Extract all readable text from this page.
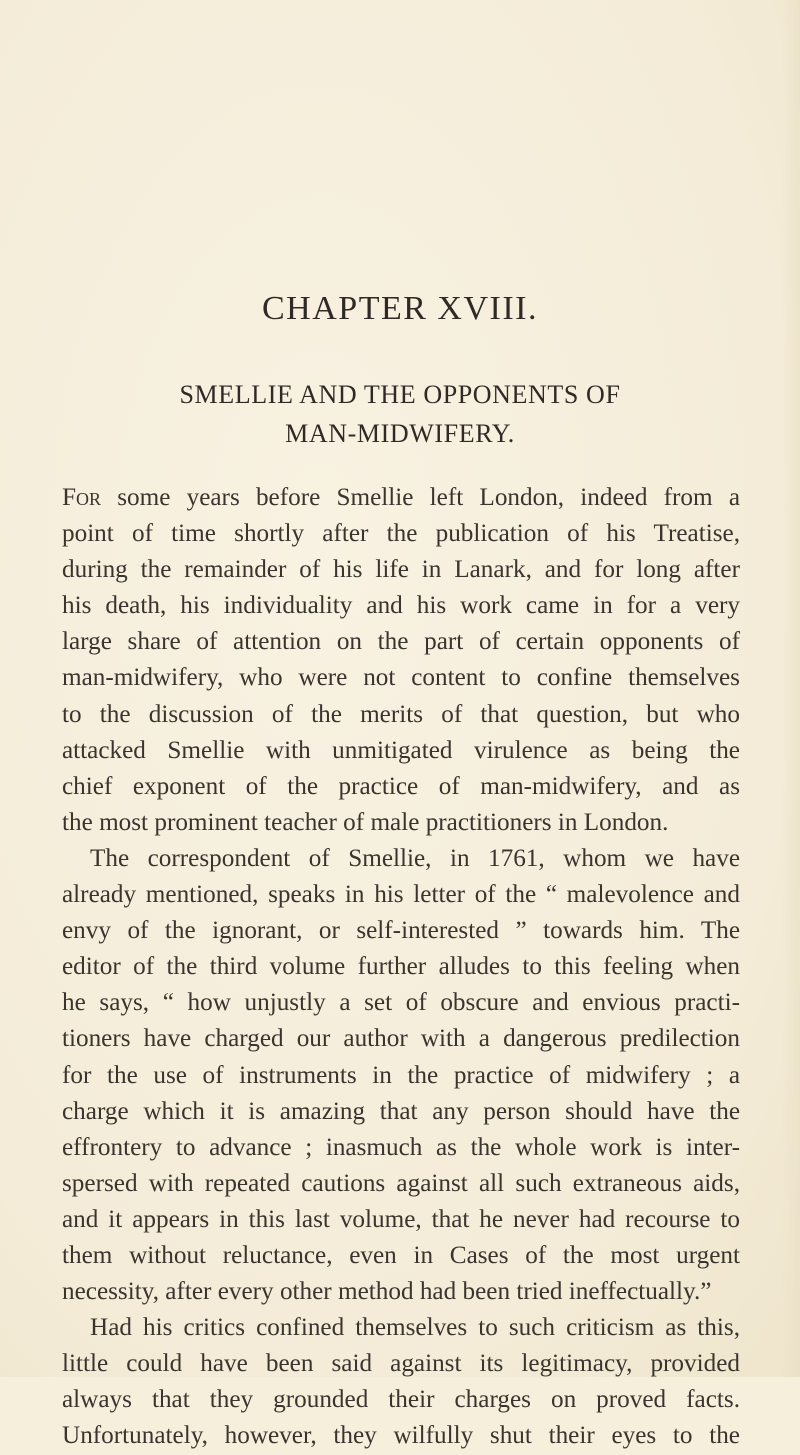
CHAPTER XVIII.
SMELLIE AND THE OPPONENTS OF
MAN-MIDWIFERY.
For some years before Smellie left London, indeed from a
point of time shortly after the publication of his Treatise,
during the remainder of his life in Lanark, and for long after
his death, his individuality and his work came in for a very
large share of attention on the part of certain opponents of
man-midwifery, who were not content to confine themselves
to the discussion of the merits of that question, but who
attacked Smellie with unmitigated virulence as being the
chief exponent of the practice of man-midwifery, and as
the most prominent teacher of male practitioners in London.
The correspondent of Smellie, in 1761, whom we have
already mentioned, speaks in his letter of the “ malevolence and
envy of the ignorant, or self-interested ” towards him. The
editor of the third volume further alludes to this feeling when
he says, “ how unjustly a set of obscure and envious practi-
tioners have charged our author with a dangerous predilection
for the use of instruments in the practice of midwifery ; a
charge which it is amazing that any person should have the
effrontery to advance ; inasmuch as the whole work is inter-
spersed with repeated cautions against all such extraneous aids,
and it appears in this last volume, that he never had recourse to
them without reluctance, even in Cases of the most urgent
necessity, after every other method had been tried ineffectually.”
Had his critics confined themselves to such criticism as this,
little could have been said against its legitimacy, provided
always that they grounded their charges on proved facts.
Unfortunately, however, they wilfully shut their eyes to the
